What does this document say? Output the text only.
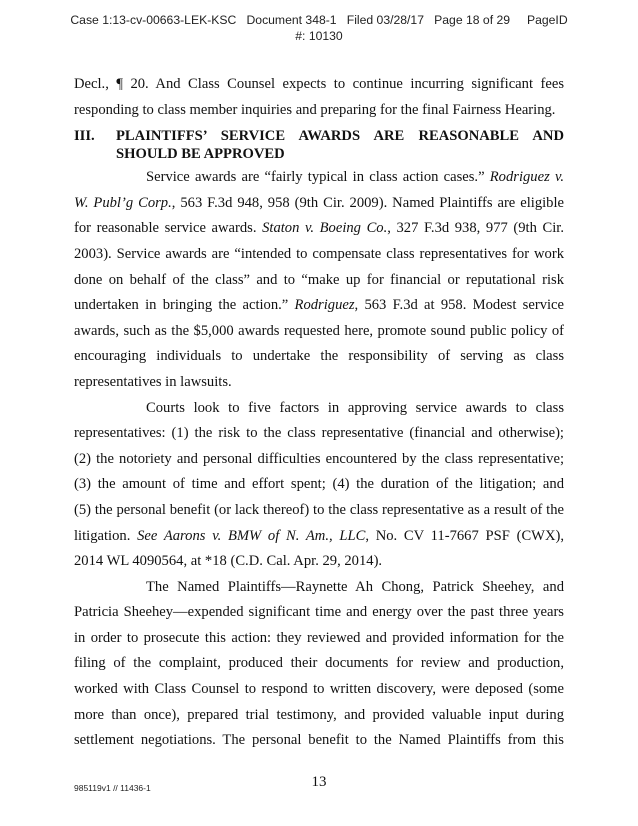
Case 1:13-cv-00663-LEK-KSC   Document 348-1   Filed 03/28/17   Page 18 of 29     PageID
#: 10130

Decl., ¶ 20. And Class Counsel expects to continue incurring significant fees

responding to class member inquiries and preparing for the final Fairness Hearing.

III.	PLAINTIFFS’ SERVICE AWARDS ARE REASONABLE AND
SHOULD BE APPROVED

Service awards are “fairly typical in class action cases.” Rodriguez v.

W. Publ’g Corp., 563 F.3d 948, 958 (9th Cir. 2009). Named Plaintiffs are eligible

for reasonable service awards. Staton v. Boeing Co., 327 F.3d 938, 977 (9th Cir.

2003). Service awards are “intended to compensate class representatives for work

done on behalf of the class” and to “make up for financial or reputational risk

undertaken in bringing the action.” Rodriguez, 563 F.3d at 958. Modest service

awards, such as the $5,000 awards requested here, promote sound public policy of

encouraging individuals to undertake the responsibility of serving as class

representatives in lawsuits.

Courts look to five factors in approving service awards to class

representatives: (1) the risk to the class representative (financial and otherwise);

(2) the notoriety and personal difficulties encountered by the class representative;

(3) the amount of time and effort spent; (4) the duration of the litigation; and

(5) the personal benefit (or lack thereof) to the class representative as a result of the

litigation. See Aarons v. BMW of N. Am., LLC, No. CV 11-7667 PSF (CWX),

2014 WL 4090564, at *18 (C.D. Cal. Apr. 29, 2014).

The Named Plaintiffs—Raynette Ah Chong, Patrick Sheehey, and

Patricia Sheehey—expended significant time and energy over the past three years

in order to prosecute this action: they reviewed and provided information for the

filing of the complaint, produced their documents for review and production,

worked with Class Counsel to respond to written discovery, were deposed (some

more than once), prepared trial testimony, and provided valuable input during

settlement negotiations. The personal benefit to the Named Plaintiffs from this

985119v1 // 11436-1	13
